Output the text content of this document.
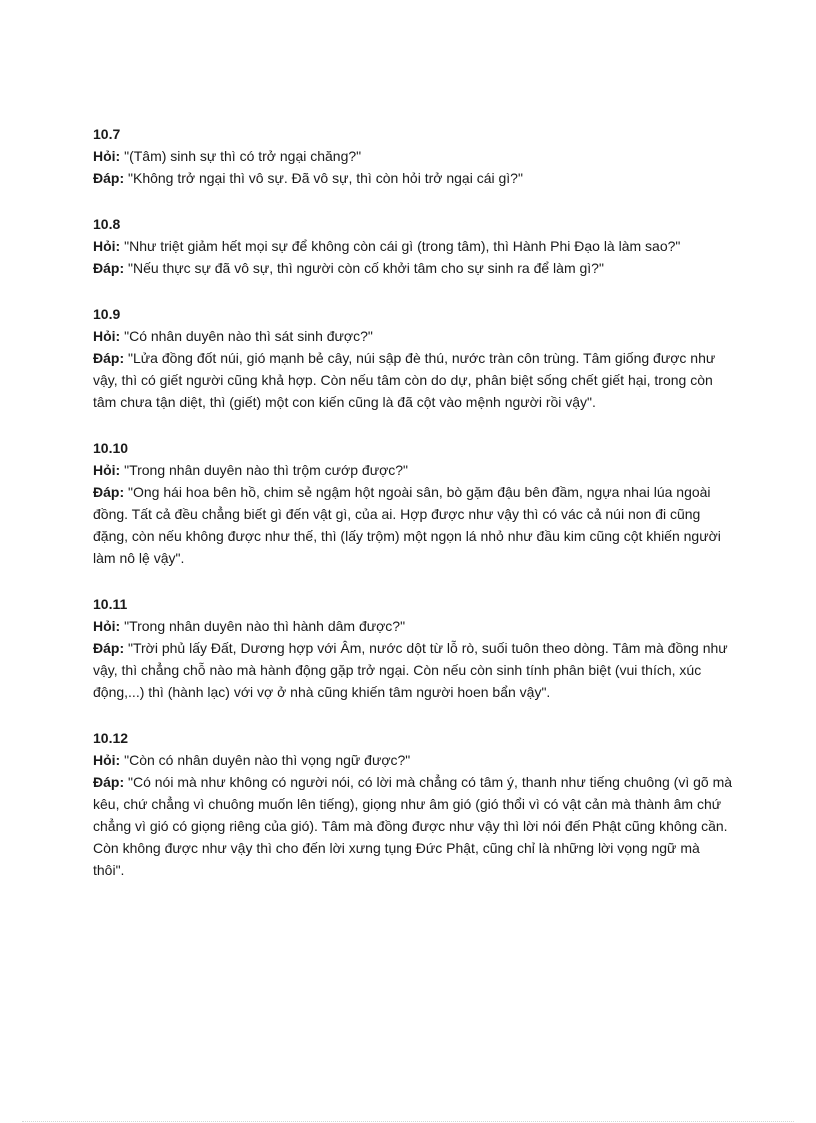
10.7
Hỏi: "(Tâm) sinh sự thì có trở ngại chăng?"
Đáp: "Không trở ngại thì vô sự. Đã vô sự, thì còn hỏi trở ngại cái gì?"
10.8
Hỏi: "Như triệt giảm hết mọi sự để không còn cái gì (trong tâm), thì Hành Phi Đạo là làm sao?"
Đáp: "Nếu thực sự đã vô sự, thì người còn cố khởi tâm cho sự sinh ra để làm gì?"
10.9
Hỏi: "Có nhân duyên nào thì sát sinh được?"
Đáp: "Lửa đồng đốt núi, gió mạnh bẻ cây, núi sập đè thú, nước tràn côn trùng. Tâm giống được như vậy, thì có giết người cũng khả hợp. Còn nếu tâm còn do dự, phân biệt sống chết giết hại, trong còn tâm chưa tận diệt, thì (giết) một con kiến cũng là đã cột vào mệnh người rồi vậy".
10.10
Hỏi: "Trong nhân duyên nào thì trộm cướp được?"
Đáp: "Ong hái hoa bên hồ, chim sẻ ngậm hột ngoài sân, bò gặm đậu bên đầm, ngựa nhai lúa ngoài đồng. Tất cả đều chẳng biết gì đến vật gì, của ai. Hợp được như vậy thì có vác cả núi non đi cũng đặng, còn nếu không được như thế, thì (lấy trộm) một ngọn lá nhỏ như đầu kim cũng cột khiến người làm nô lệ vậy".
10.11
Hỏi: "Trong nhân duyên nào thì hành dâm được?"
Đáp: "Trời phủ lấy Đất, Dương hợp với Âm, nước dột từ lỗ rò, suối tuôn theo dòng. Tâm mà đồng như vậy, thì chẳng chỗ nào mà hành động gặp trở ngại. Còn nếu còn sinh tính phân biệt (vui thích, xúc động,...) thì (hành lạc) với vợ ở nhà cũng khiến tâm người hoen bẩn vậy".
10.12
Hỏi: "Còn có nhân duyên nào thì vọng ngữ được?"
Đáp: "Có nói mà như không có người nói, có lời mà chẳng có tâm ý, thanh như tiếng chuông (vì gõ mà kêu, chứ chẳng vì chuông muốn lên tiếng), giọng như âm gió (gió thổi vì có vật cản mà thành âm chứ chẳng vì gió có giọng riêng của gió). Tâm mà đồng được như vậy thì lời nói đến Phật cũng không cần. Còn không được như vậy thì cho đến lời xưng tụng Đức Phật, cũng chỉ là những lời vọng ngữ mà thôi".
